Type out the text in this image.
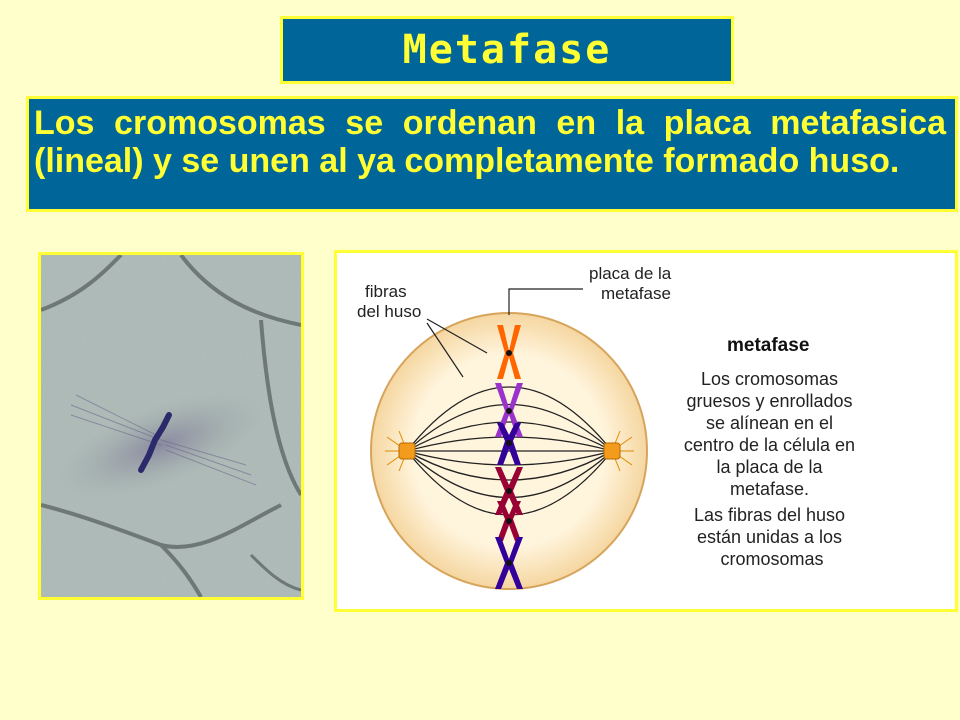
Metafase

Los cromosomas se ordenan en la placa metafasica (lineal) y se unen al ya completamente formado huso.

fibras del huso
placa de la metafase
metafase
Los cromosomas gruesos y enrollados se alínean en el centro de la célula en la placa de la metafase. Las fibras del huso están unidas a los cromosomas
